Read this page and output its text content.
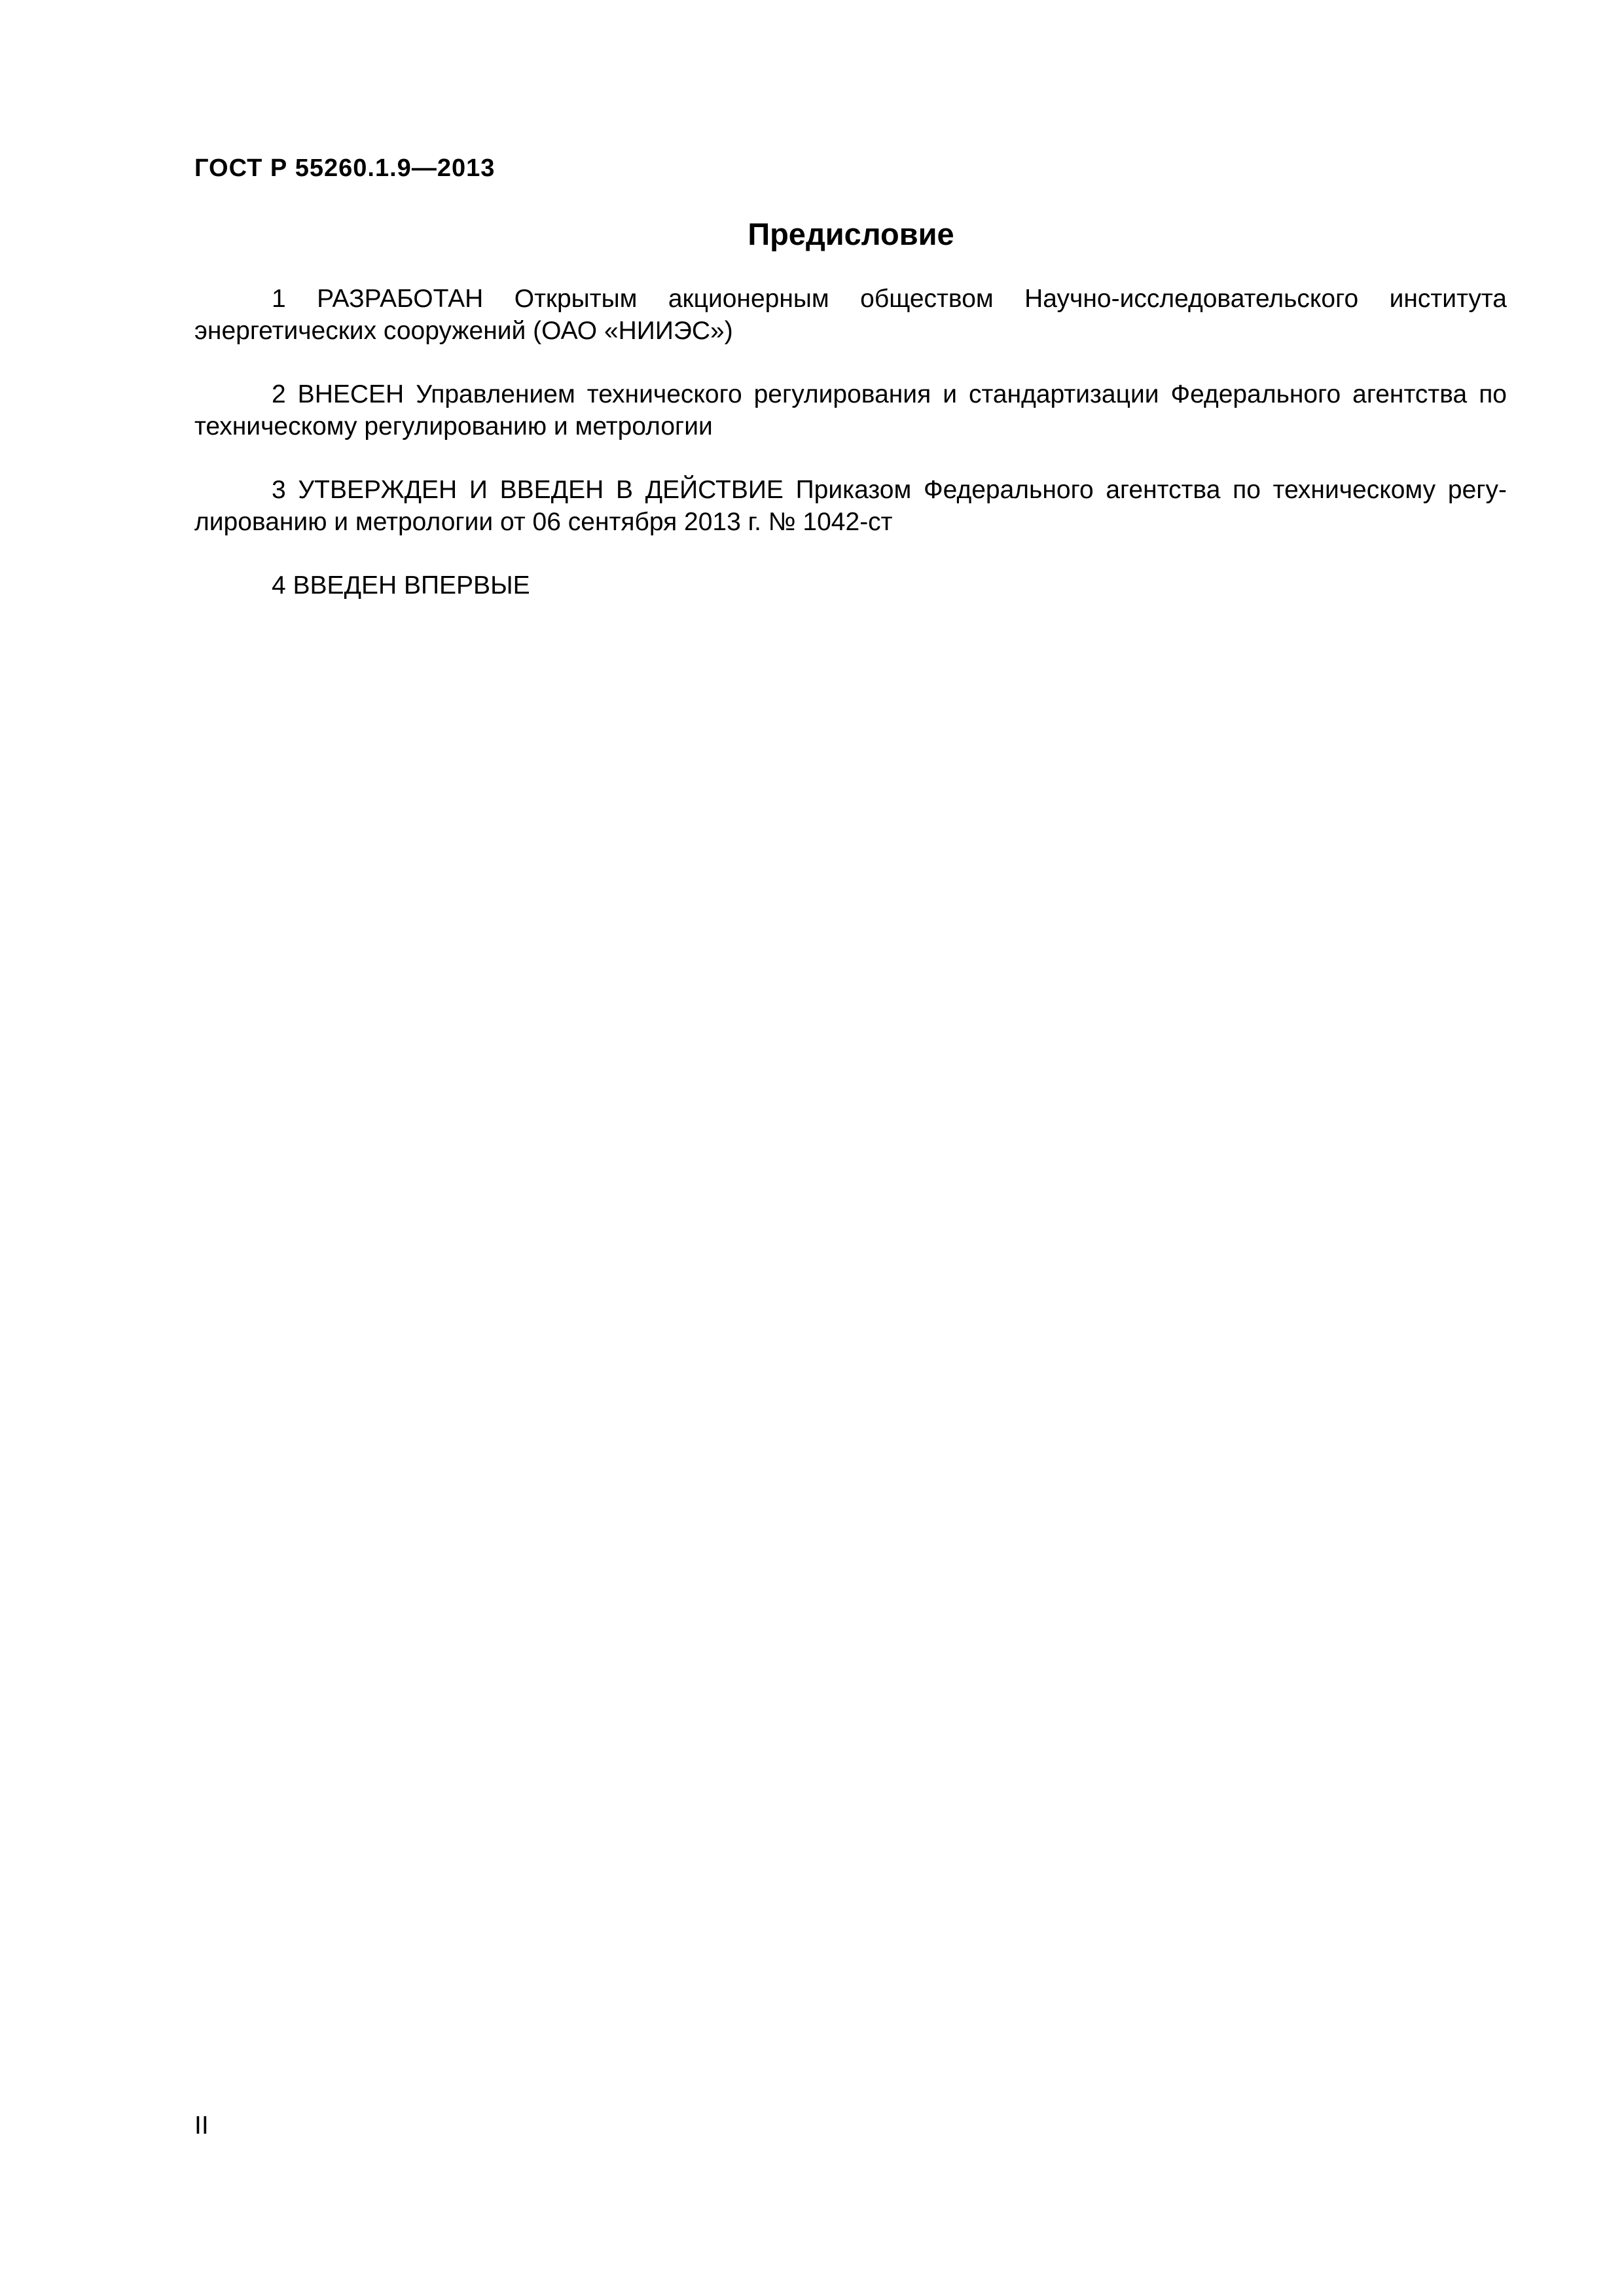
ГОСТ Р 55260.1.9—2013
Предисловие

1 РАЗРАБОТАН Открытым акционерным обществом Научно-исследовательского института энергетических сооружений (ОАО «НИИЭС»)

2 ВНЕСЕН Управлением технического регулирования и стандартизации Федерального агентства по техническому регулированию и метрологии

3 УТВЕРЖДЕН И ВВЕДЕН В ДЕЙСТВИЕ Приказом Федерального агентства по техническому регулированию и метрологии от 06 сентября 2013 г. № 1042-ст

4 ВВЕДЕН ВПЕРВЫЕ

II
